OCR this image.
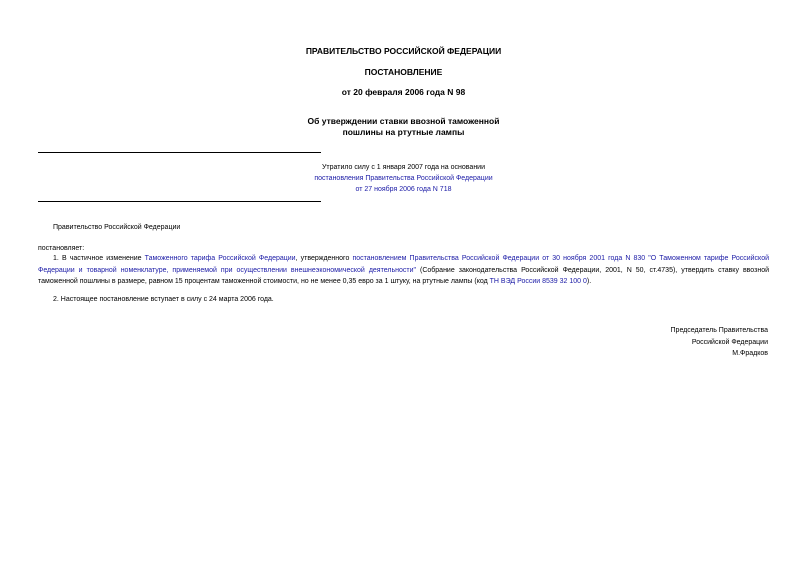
ПРАВИТЕЛЬСТВО РОССИЙСКОЙ ФЕДЕРАЦИИ
ПОСТАНОВЛЕНИЕ
от 20 февраля 2006 года N 98
Об утверждении ставки ввозной таможенной
пошлины на ртутные лампы
Утратило силу с 1 января 2007 года на основании
постановления Правительства Российской Федерации
от 27 ноября 2006 года N 718
Правительство Российской Федерации
постановляет:
1. В частичное изменение Таможенного тарифа Российской Федерации, утвержденного постановлением Правительства Российской Федерации от 30 ноября 2001 года N 830 "О Таможенном тарифе Российской Федерации и товарной номенклатуре, применяемой при осуществлении внешнеэкономической деятельности" (Собрание законодательства Российской Федерации, 2001, N 50, ст.4735), утвердить ставку ввозной таможенной пошлины в размере, равном 15 процентам таможенной стоимости, но не менее 0,35 евро за 1 штуку, на ртутные лампы (код ТН ВЭД России 8539 32 100 0).
2. Настоящее постановление вступает в силу с 24 марта 2006 года.
Председатель Правительства
Российской Федерации
М.Фрадков
